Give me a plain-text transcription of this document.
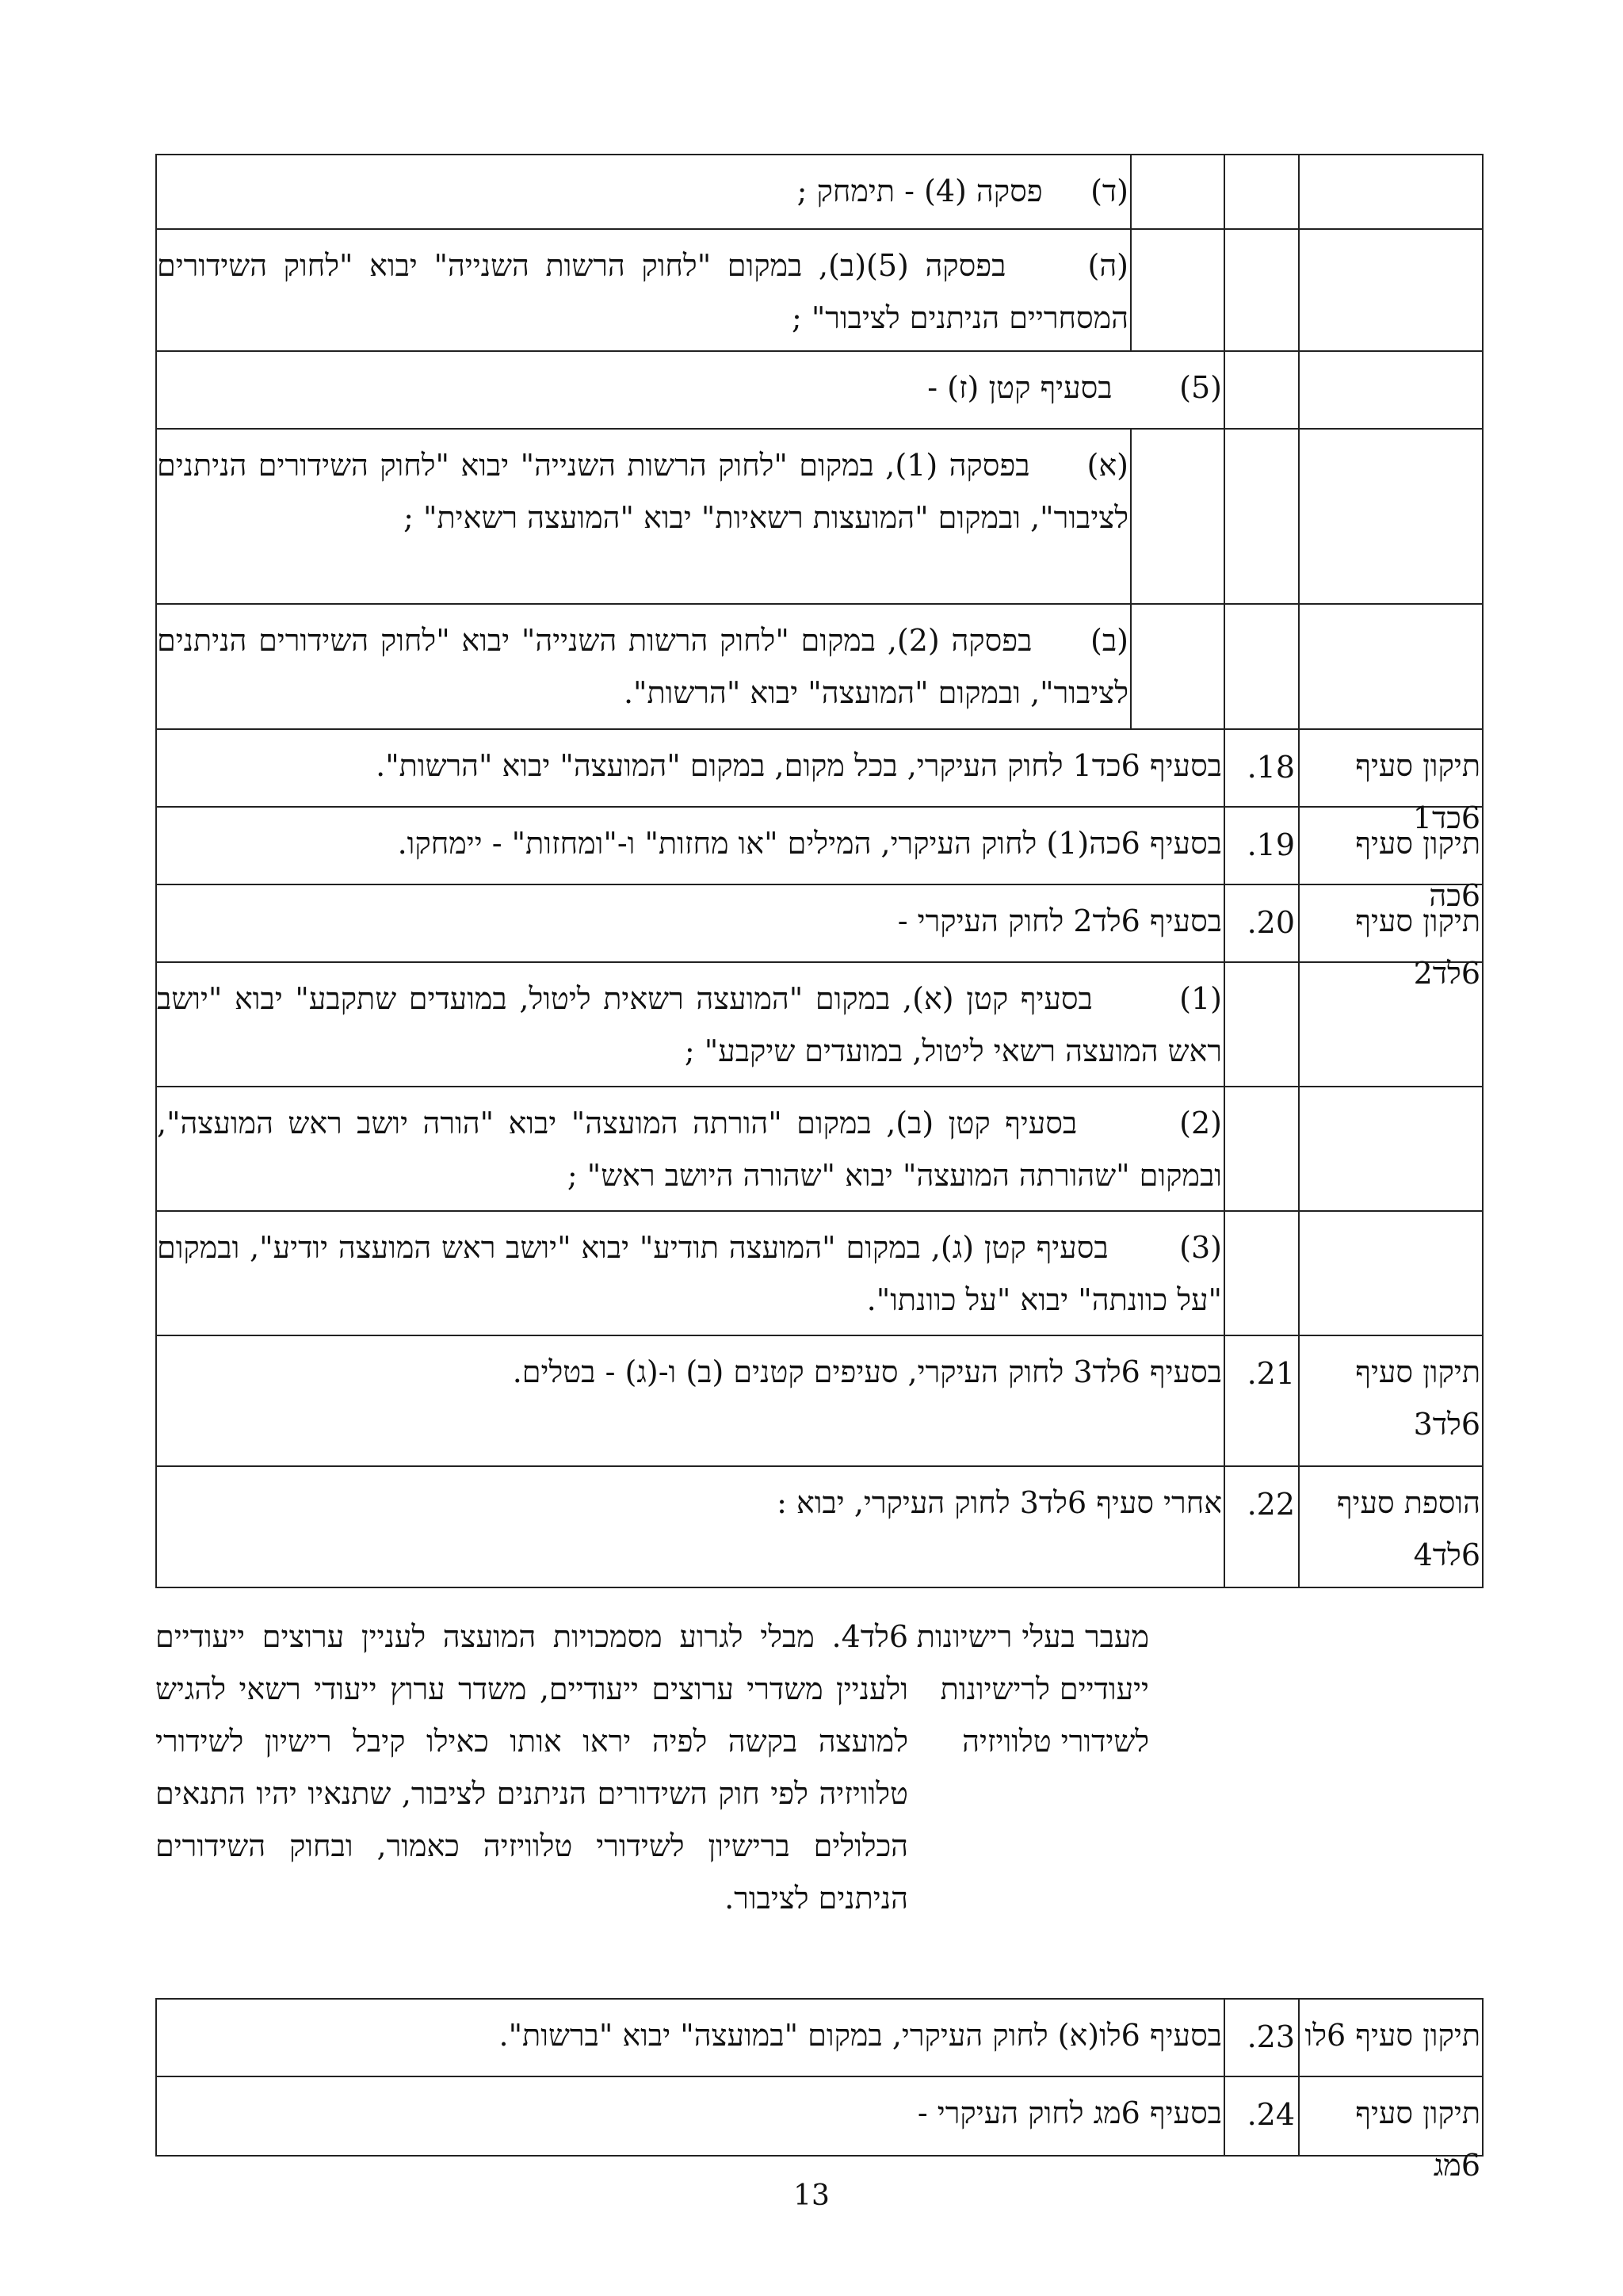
(ד)     פסקה (4) - תימחק ;
(ה)     בפסקה (5)(ב), במקום "לחוק הרשות השנייה" יבוא "לחוק השידורים המסחריים הניתנים לציבור" ;
(5)       בסעיף קטן (ז) -
(א)     בפסקה (1), במקום "לחוק הרשות השנייה" יבוא "לחוק השידורים הניתנים לציבור", ובמקום "המועצות רשאיות" יבוא "המועצה רשאית" ;
(ב)     בפסקה (2), במקום "לחוק הרשות השנייה" יבוא "לחוק השידורים הניתנים לציבור", ובמקום "המועצה" יבוא "הרשות".
בסעיף 6כד1 לחוק העיקרי, בכל מקום, במקום "המועצה" יבוא "הרשות". .18	תיקון סעיף 6כד1
בסעיף 6כה(1) לחוק העיקרי, המילים "או מחזות" ו-"ומחזות" - יימחקו. .19	תיקון סעיף 6כה
בסעיף 6לד2 לחוק העיקרי - .20	תיקון סעיף 6לד2
(1)       בסעיף קטן (א), במקום "המועצה רשאית ליטול, במועדים שתקבע" יבוא "יושב ראש המועצה רשאי ליטול, במועדים שיקבע" ;
(2)       בסעיף קטן (ב), במקום "הורתה המועצה" יבוא "הורה יושב ראש המועצה", ובמקום "שהורתה המועצה" יבוא "שהורה היושב ראש" ;
(3)       בסעיף קטן (ג), במקום "המועצה תודיע" יבוא "יושב ראש המועצה יודיע", ובמקום "על כוונתה" יבוא "על כוונתו".
בסעיף 6לד3 לחוק העיקרי, סעיפים קטנים (ב) ו-(ג) - בטלים. .21	תיקון סעיף 6לד3
אחרי סעיף 6לד3 לחוק העיקרי, יבוא : .22	הוספת סעיף 6לד4
מעבר בעלי רישיונות ייעודיים לרישיונות לשידורי טלוויזיה
6לד4. מבלי לגרוע מסמכויות המועצה לעניין ערוצים ייעודיים ולעניין משדרי ערוצים ייעודיים, משדר ערוץ ייעודי רשאי להגיש למועצה בקשה לפיה יראו אותו כאילו קיבל רישיון לשידורי טלוויזיה לפי חוק השידורים הניתנים לציבור, שתנאיו יהיו התנאים הכלולים ברישיון לשידורי טלוויזיה כאמור, ובחוק השידורים הניתנים לציבור.
בסעיף 6לו(א) לחוק העיקרי, במקום "במועצה" יבוא "ברשות". .23 תיקון סעיף 6לו
בסעיף 6מג לחוק העיקרי - .24	תיקון סעיף 6מג
13
